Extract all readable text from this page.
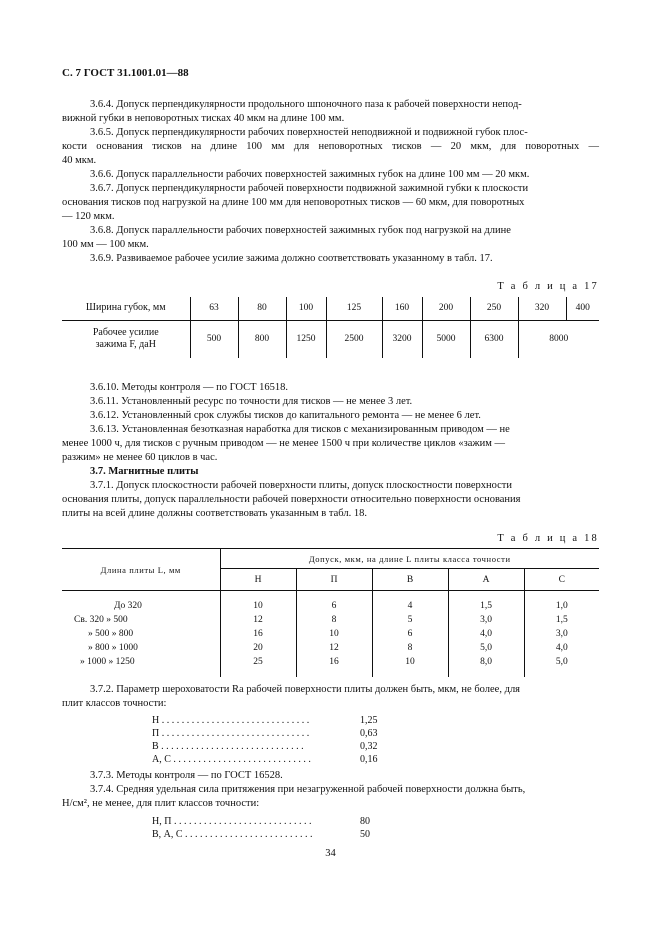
С. 7 ГОСТ 31.1001.01—88
3.6.4. Допуск перпендикулярности продольного шпоночного паза к рабочей поверхности непод-
вижной губки в неповоротных тисках 40 мкм на длине 100 мм.
3.6.5. Допуск перпендикулярности рабочих поверхностей неподвижной и подвижной губок плос-
кости основания тисков на длине 100 мм для неповоротных тисков — 20 мкм, для поворотных —
40 мкм.
3.6.6. Допуск параллельности рабочих поверхностей зажимных губок на длине 100 мм — 20 мкм.
3.6.7. Допуск перпендикулярности рабочей поверхности подвижной зажимной губки к плоскости
основания тисков под нагрузкой на длине 100 мм для неповоротных тисков — 60 мкм, для поворотных
— 120 мкм.
3.6.8. Допуск параллельности рабочих поверхностей зажимных губок под нагрузкой на длине
100 мм — 100 мкм.
3.6.9. Развиваемое рабочее усилие зажима должно соответствовать указанному в табл. 17.
Т а б л и ц а 17
Ширина губок, мм	63	80	100	125	160	200	250	320	400

Рабочее усилие
зажима F, даН	500	800	1250	2500	3200	5000	6300	8000	
3.6.10. Методы контроля — по ГОСТ 16518.
3.6.11. Установленный ресурс по точности для тисков — не менее 3 лет.
3.6.12. Установленный срок службы тисков до капитального ремонта — не менее 6 лет.
3.6.13. Установленная безотказная наработка для тисков с механизированным приводом — не
менее 1000 ч, для тисков с ручным приводом — не менее 1500 ч при количестве циклов «зажим —
разжим» не менее 60 циклов в час.
3.7. Магнитные плиты
3.7.1. Допуск плоскостности рабочей поверхности плиты, допуск плоскостности поверхности
основания плиты, допуск параллельности рабочей поверхности относительно поверхности основания
плиты на всей длине должны соответствовать указанным в табл. 18.
Т а б л и ц а 18
Длина плиты L, мм	Допуск, мкм, на длине L плиты класса точности				
	Н	П	В	А	С

До 320	10	6	4	1,5	1,0
Св. 320 » 500	12	8	5	3,0	1,5
» 500 » 800	16	10	6	4,0	3,0
» 800 » 1000	20	12	8	5,0	4,0
» 1000 » 1250	25	16	10	8,0	5,0

3.7.2. Параметр шероховатости Ra рабочей поверхности плиты должен быть, мкм, не более, для
плит классов точности:
Н . . . . . . . . . . . . . . . . . . . . . . . . . . . . . .	1,25
П . . . . . . . . . . . . . . . . . . . . . . . . . . . . . .	0,63
В . . . . . . . . . . . . . . . . . . . . . . . . . . . . .	0,32
А, С . . . . . . . . . . . . . . . . . . . . . . . . . . . .	0,16
3.7.3. Методы контроля — по ГОСТ 16528.
3.7.4. Средняя удельная сила притяжения при незагруженной рабочей поверхности должна быть,
Н/см², не менее, для плит классов точности:
Н, П . . . . . . . . . . . . . . . . . . . . . . . . . . . .	80
В, А, С . . . . . . . . . . . . . . . . . . . . . . . . . .	50
34
